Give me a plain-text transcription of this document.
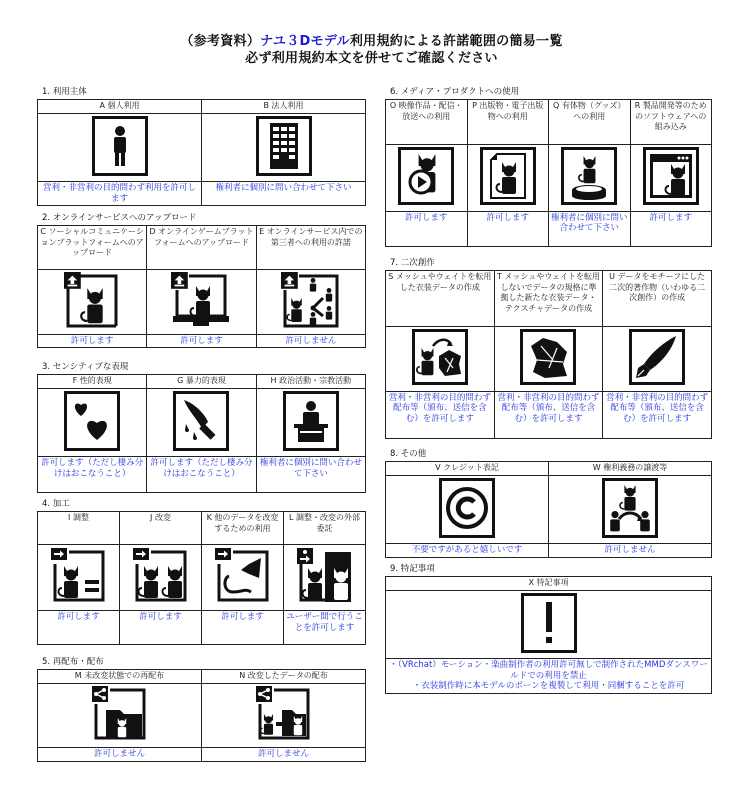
（参考資料）ナユ３Dモデル利用規約による許諾範囲の簡易一覧
必ず利用規約本文を併せてご確認ください
1. 利用主体
A 個人利用	B 法人利用

営利・非営利の目的問わず利用を許可します	権利者に個別に問い合わせて下さい
2. オンラインサービスへのアップロード
C ソーシャルコミュニケーションプラットフォームへのアップロード	D オンラインゲームプラットフォームへのアップロード	E オンラインサービス内での第三者への利用の許諾

許可します	許可します	許可しません
3. センシティブな表現
F 性的表現	G 暴力的表現	H 政治活動・宗教活動

許可します（ただし棲み分けはおこなうこと）	許可します（ただし棲み分けはおこなうこと）	権利者に個別に問い合わせて下さい
4. 加工
I 調整	J 改変	K 他のデータを改変するための利用	L 調整・改変の外部委託

許可します	許可します	許可します	ユーザー間で行うことを許可します
5. 再配布・配布
M 未改変状態での再配布	N 改変したデータの配布

許可しません	許可しません
6. メディア・プロダクトへの使用
O 映像作品・配信・放送への利用	P 出版物・電子出版物への利用	Q 有体物（グッズ）への利用	R 製品開発等のためのソフトウェアへの組み込み

許可します	許可します	権利者に個別に問い合わせて下さい	許可します
7. 二次創作
S メッシュやウェイトを転用した衣装データの作成	T メッシュやウェイトを転用しないでデータの規格に準拠した新たな衣装データ・テクスチャデータの作成	U データをモチーフにした二次的著作物（いわゆる二次創作）の作成

営利・非営利の目的問わず配布等（頒布、送信を含む）を許可します	営利・非営利の目的問わず配布等（頒布、送信を含む）を許可します	営利・非営利の目的問わず配布等（頒布、送信を含む）を許可します
8. その他
V クレジット表記	W 権利義務の譲渡等

不要ですがあると嬉しいです	許可しません
9. 特記事項
X 特記事項

・（VRchat）モーション・楽曲制作者の利用許可無しで制作されたMMDダンスワールドでの利用を禁止
・衣装制作時に本モデルのボーンを複製して利用・同梱することを許可
